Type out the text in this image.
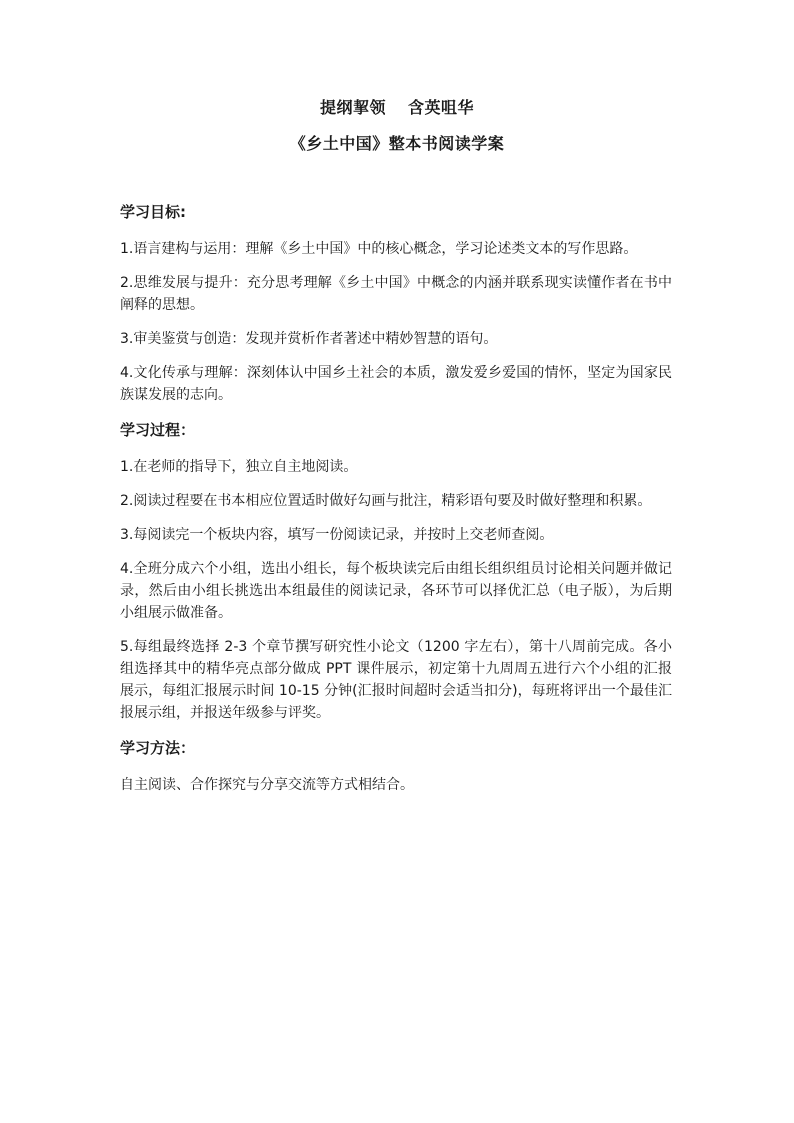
提纲挈领 含英咀华
《乡土中国》整本书阅读学案
学习目标:
1.语言建构与运用：理解《乡土中国》中的核心概念，学习论述类文本的写作思路。
2.思维发展与提升：充分思考理解《乡土中国》中概念的内涵并联系现实读懂作者在书中阐释的思想。
3.审美鉴赏与创造：发现并赏析作者著述中精妙智慧的语句。
4.文化传承与理解：深刻体认中国乡土社会的本质，激发爱乡爱国的情怀，坚定为国家民族谋发展的志向。
学习过程：
1.在老师的指导下，独立自主地阅读。
2.阅读过程要在书本相应位置适时做好勾画与批注，精彩语句要及时做好整理和积累。
3.每阅读完一个板块内容，填写一份阅读记录，并按时上交老师查阅。
4.全班分成六个小组，选出小组长，每个板块读完后由组长组织组员讨论相关问题并做记录，然后由小组长挑选出本组最佳的阅读记录，各环节可以择优汇总（电子版），为后期小组展示做准备。
5.每组最终选择 2-3 个章节撰写研究性小论文（1200 字左右），第十八周前完成。各小组选择其中的精华亮点部分做成 PPT 课件展示，初定第十九周周五进行六个小组的汇报展示，每组汇报展示时间 10-15 分钟(汇报时间超时会适当扣分)，每班将评出一个最佳汇报展示组，并报送年级参与评奖。
学习方法：
自主阅读、合作探究与分享交流等方式相结合。
